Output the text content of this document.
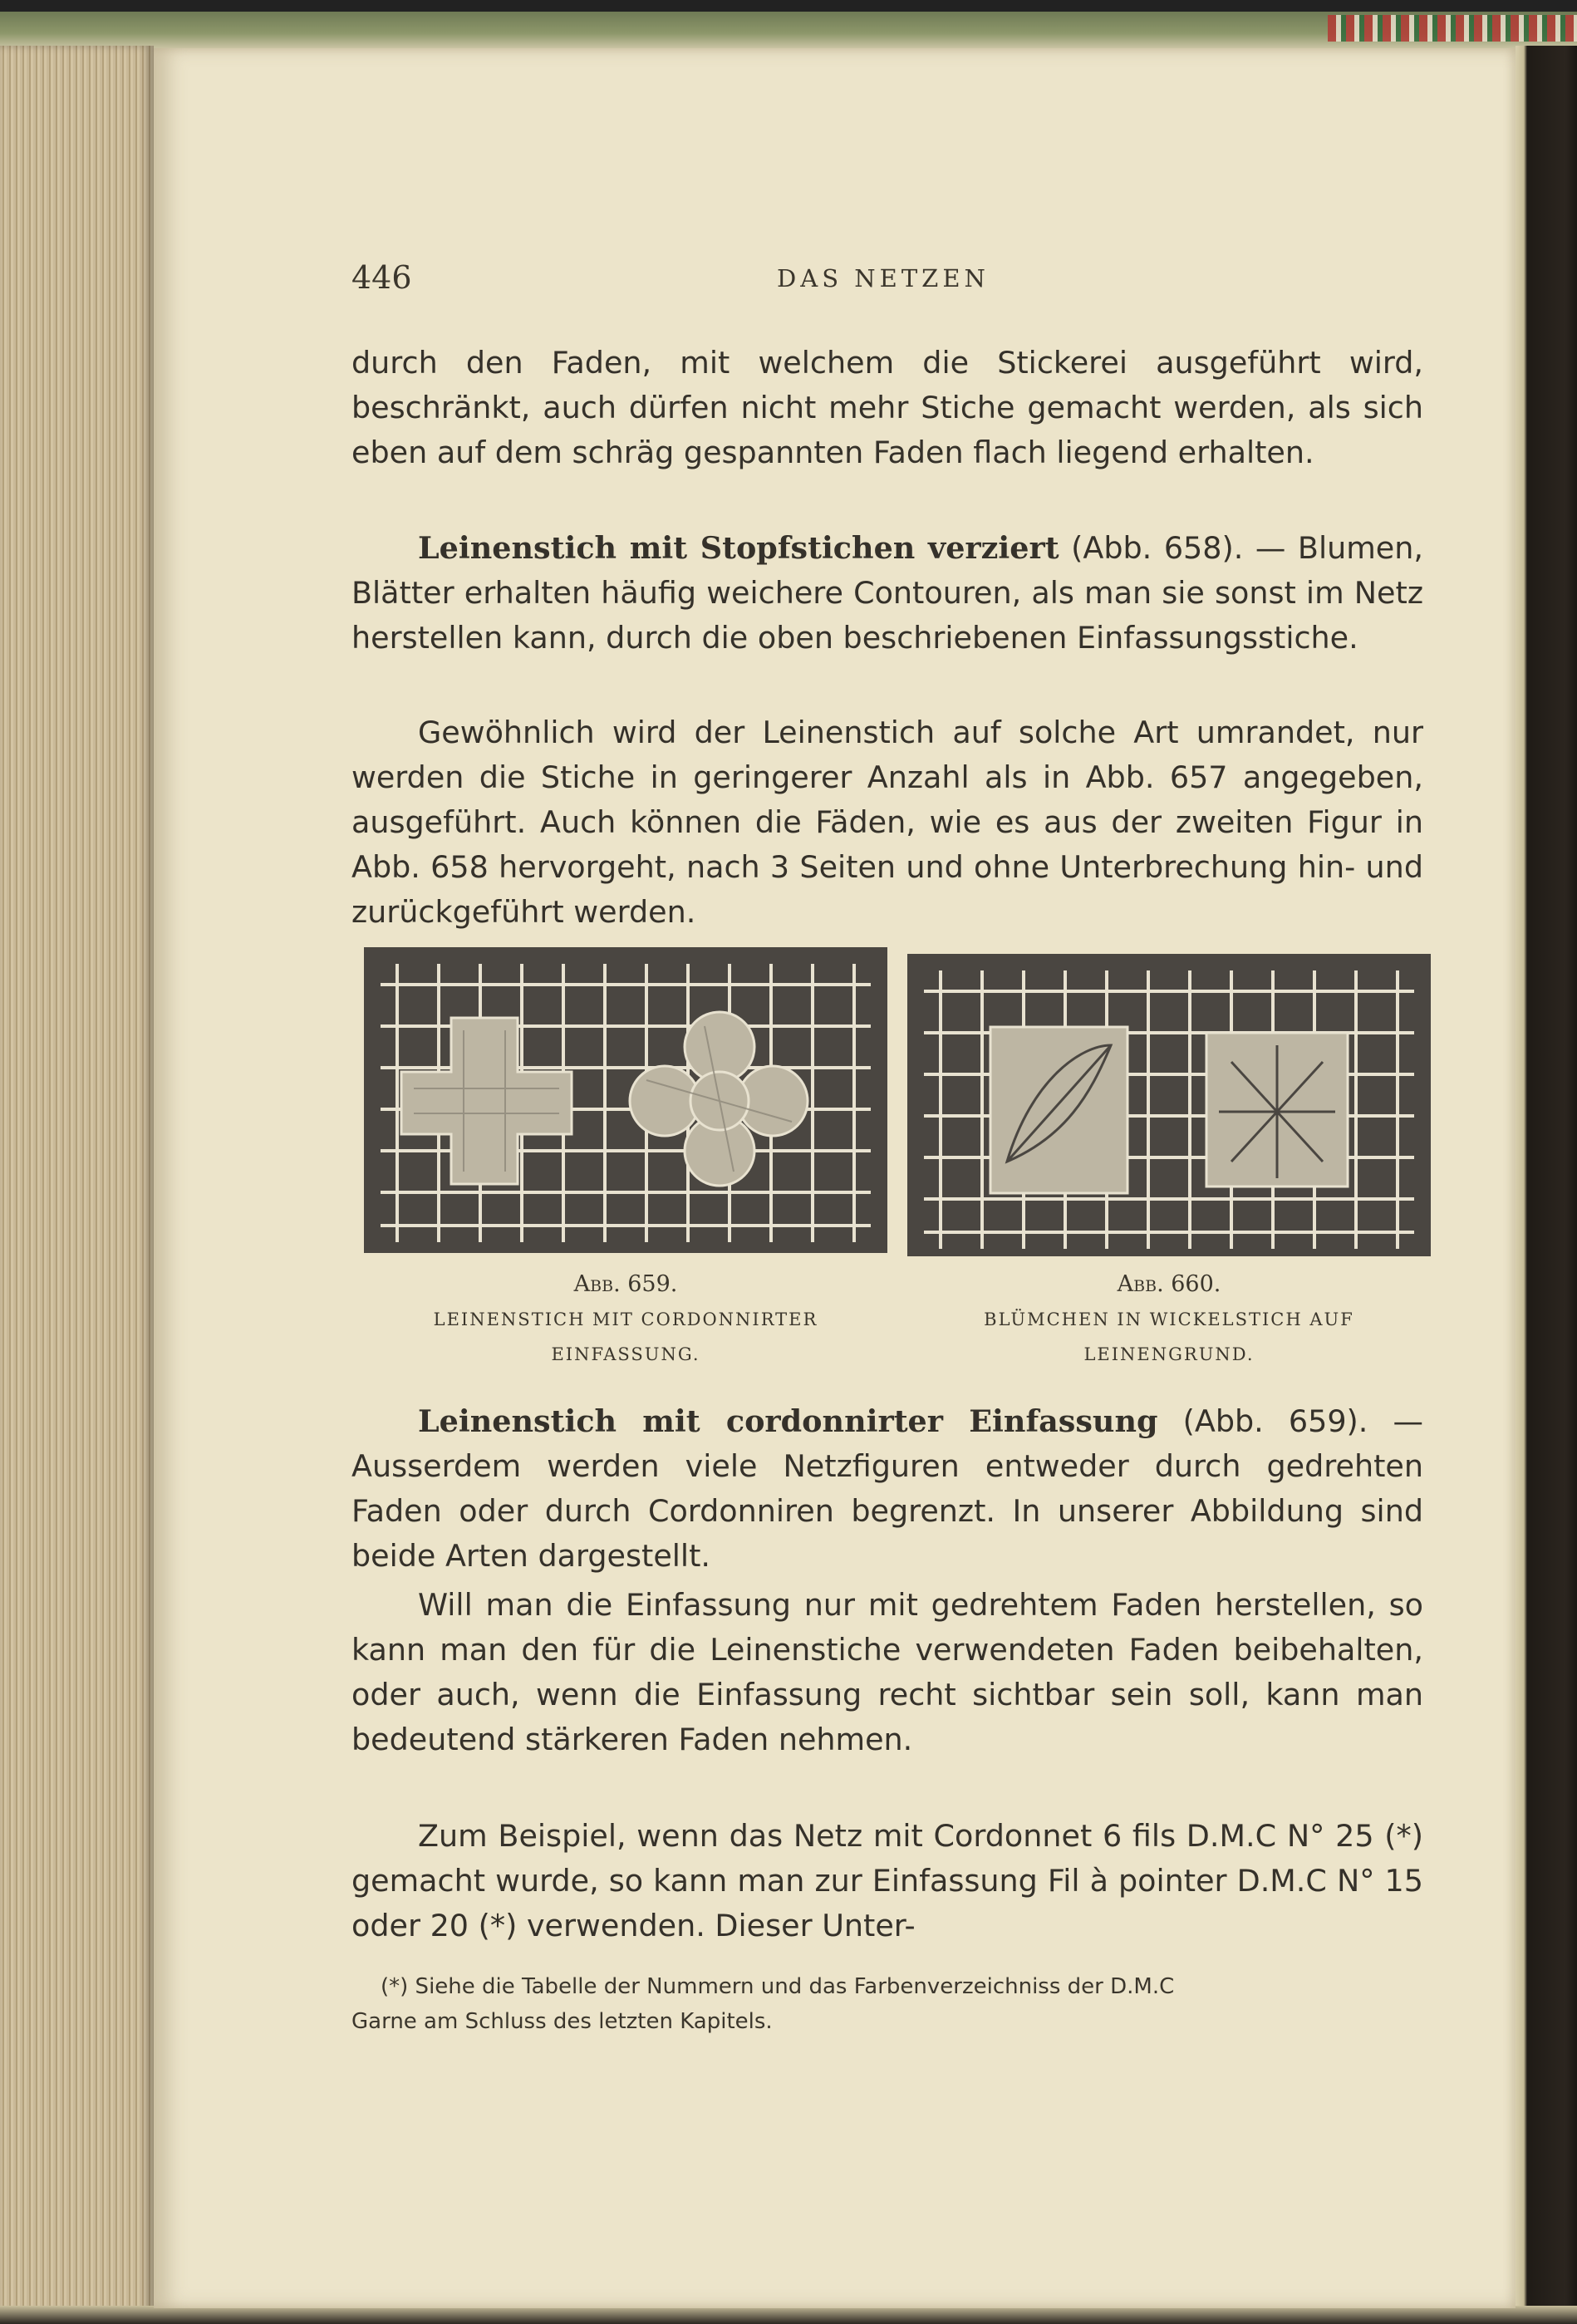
446	DAS NETZEN

durch den Faden, mit welchem die Stickerei ausgeführt wird, beschränkt, auch dürfen nicht mehr Stiche gemacht werden, als sich eben auf dem schräg gespannten Faden flach liegend erhalten.

Leinenstich mit Stopfstichen verziert (Abb. 658). — Blumen, Blätter erhalten häufig weichere Contouren, als man sie sonst im Netz herstellen kann, durch die oben beschriebenen Einfassungsstiche.

Gewöhnlich wird der Leinenstich auf solche Art umrandet, nur werden die Stiche in geringerer Anzahl als in Abb. 657 angegeben, ausgeführt. Auch können die Fäden, wie es aus der zweiten Figur in Abb. 658 hervorgeht, nach 3 Seiten und ohne Unterbrechung hin- und zurückgeführt werden.

Abb. 659.
LEINENSTICH MIT CORDONNIRTER
EINFASSUNG.
Abb. 660.
BLÜMCHEN IN WICKELSTICH AUF
LEINENGRUND.

Leinenstich mit cordonnirter Einfassung (Abb. 659). — Ausserdem werden viele Netzfiguren entweder durch gedrehten Faden oder durch Cordonniren begrenzt. In unserer Abbildung sind beide Arten dargestellt.

Will man die Einfassung nur mit gedrehtem Faden herstellen, so kann man den für die Leinenstiche verwendeten Faden beibehalten, oder auch, wenn die Einfassung recht sichtbar sein soll, kann man bedeutend stärkeren Faden nehmen.

Zum Beispiel, wenn das Netz mit Cordonnet 6 fils D.M.C N° 25 (*) gemacht wurde, so kann man zur Einfassung Fil à pointer D.M.C N° 15 oder 20 (*) verwenden. Dieser Unter-

(*) Siehe die Tabelle der Nummern und das Farbenverzeichniss der D.M.C
Garne am Schluss des letzten Kapitels.
